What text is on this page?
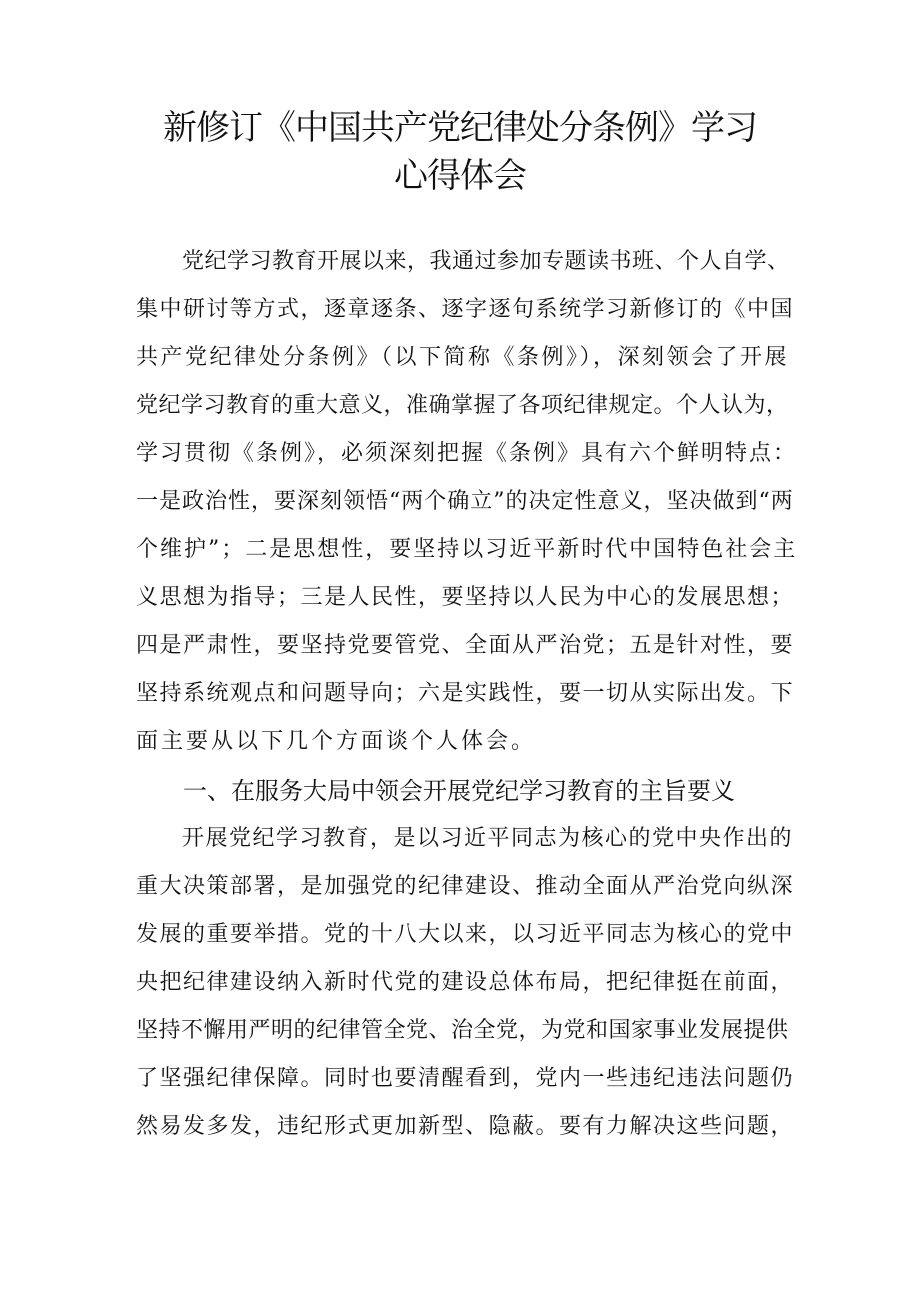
新修订《中国共产党纪律处分条例》学习
心得体会
党纪学习教育开展以来，我通过参加专题读书班、个人自学、
集中研讨等方式，逐章逐条、逐字逐句系统学习新修订的《中国
共产党纪律处分条例》（以下简称《条例》），深刻领会了开展
党纪学习教育的重大意义，准确掌握了各项纪律规定。个人认为，
学习贯彻《条例》，必须深刻把握《条例》具有六个鲜明特点：
一是政治性，要深刻领悟“两个确立”的决定性意义，坚决做到“两
个维护”；二是思想性，要坚持以习近平新时代中国特色社会主
义思想为指导；三是人民性，要坚持以人民为中心的发展思想；
四是严肃性，要坚持党要管党、全面从严治党；五是针对性，要
坚持系统观点和问题导向；六是实践性，要一切从实际出发。下
面主要从以下几个方面谈个人体会。
一、在服务大局中领会开展党纪学习教育的主旨要义
开展党纪学习教育，是以习近平同志为核心的党中央作出的
重大决策部署，是加强党的纪律建设、推动全面从严治党向纵深
发展的重要举措。党的十八大以来，以习近平同志为核心的党中
央把纪律建设纳入新时代党的建设总体布局，把纪律挺在前面，
坚持不懈用严明的纪律管全党、治全党，为党和国家事业发展提供
了坚强纪律保障。同时也要清醒看到，党内一些违纪违法问题仍
然易发多发，违纪形式更加新型、隐蔽。要有力解决这些问题，
